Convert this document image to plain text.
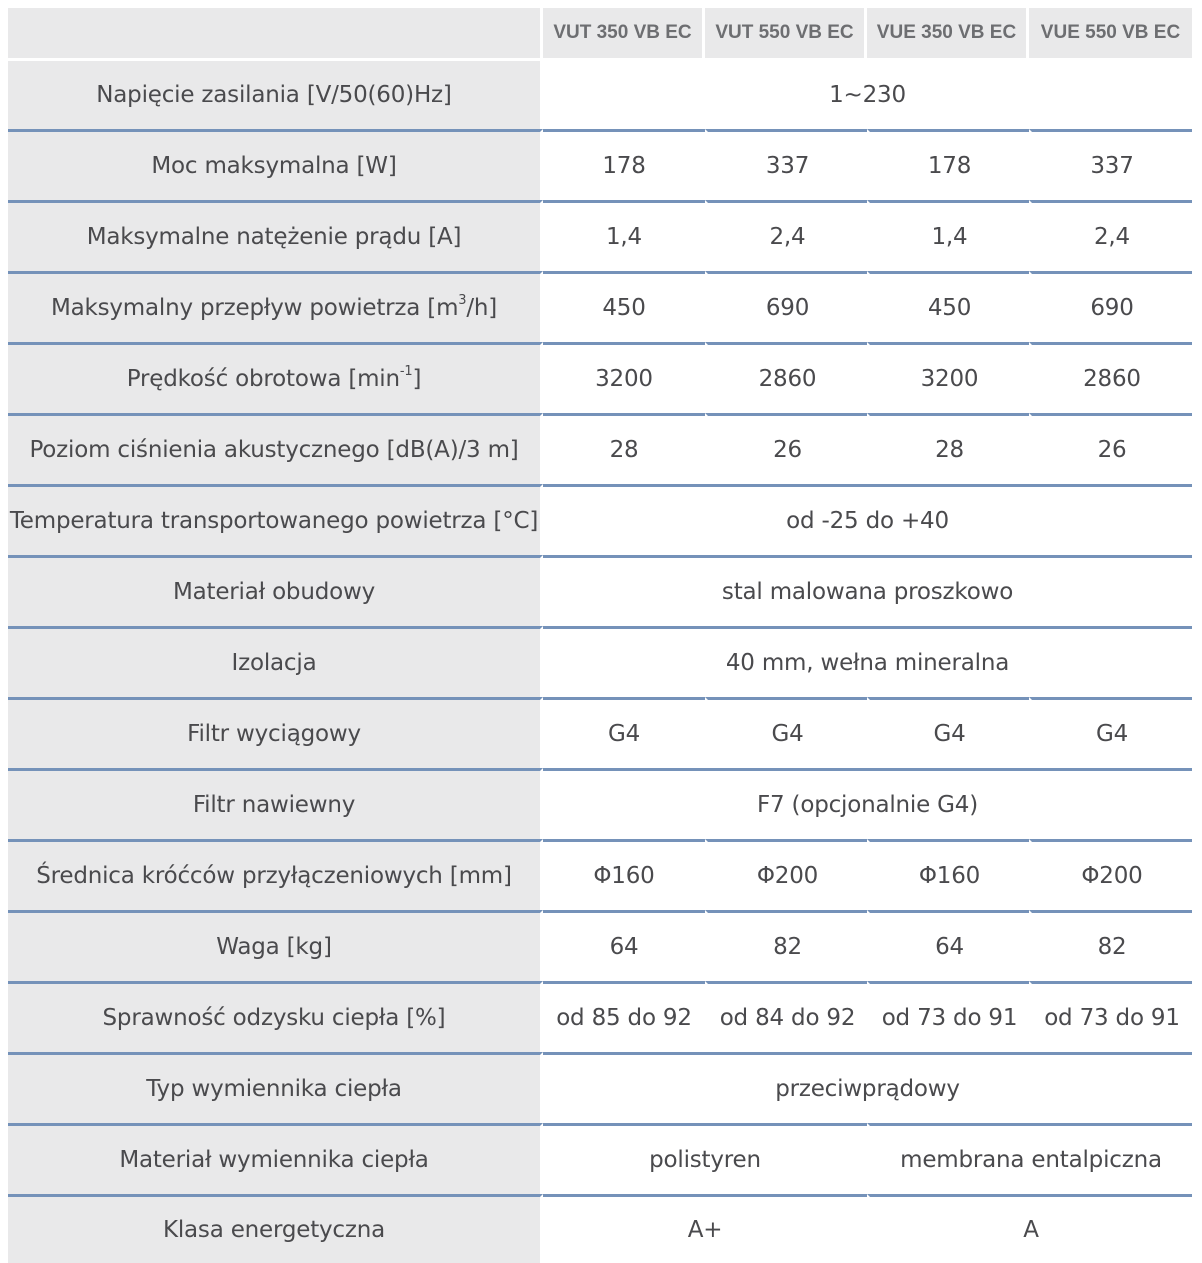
	VUT 350 VB EC	VUT 550 VB EC	VUE 350 VB EC	VUE 550 VB EC
Napięcie zasilania [V/50(60)Hz]	1~230			
Moc maksymalna [W]	178	337	178	337
Maksymalne natężenie prądu [A]	1,4	2,4	1,4	2,4
Maksymalny przepływ powietrza $[m^3/h]$	450	690	450	690
Prędkość obrotowa $[\min^{-1}]$	3200	2860	3200	2860
Poziom ciśnienia akustycznego [dB(A)/3 m]	28	26	28	26
Temperatura transportowanego powietrza [°C]	od -25 do +40			
Materiał obudowy	stal malowana proszkowo			
Izolacja	40 mm, wełna mineralna			
Filtr wyciągowy	G4	G4	G4	G4
Filtr nawiewny	F7 (opcjonalnie G4)			
Średnica króćców przyłączeniowych [mm]	Φ160	Φ200	Φ160	Φ200
Waga [kg]	64	82	64	82
Sprawność odzysku ciepła [%]	od 85 do 92	od 84 do 92	od 73 do 91	od 73 do 91
Typ wymiennika ciepła	przeciwprądowy			
Materiał wymiennika ciepła	polistyren		membrana entalpiczna	
Klasa energetyczna	A+		A	
